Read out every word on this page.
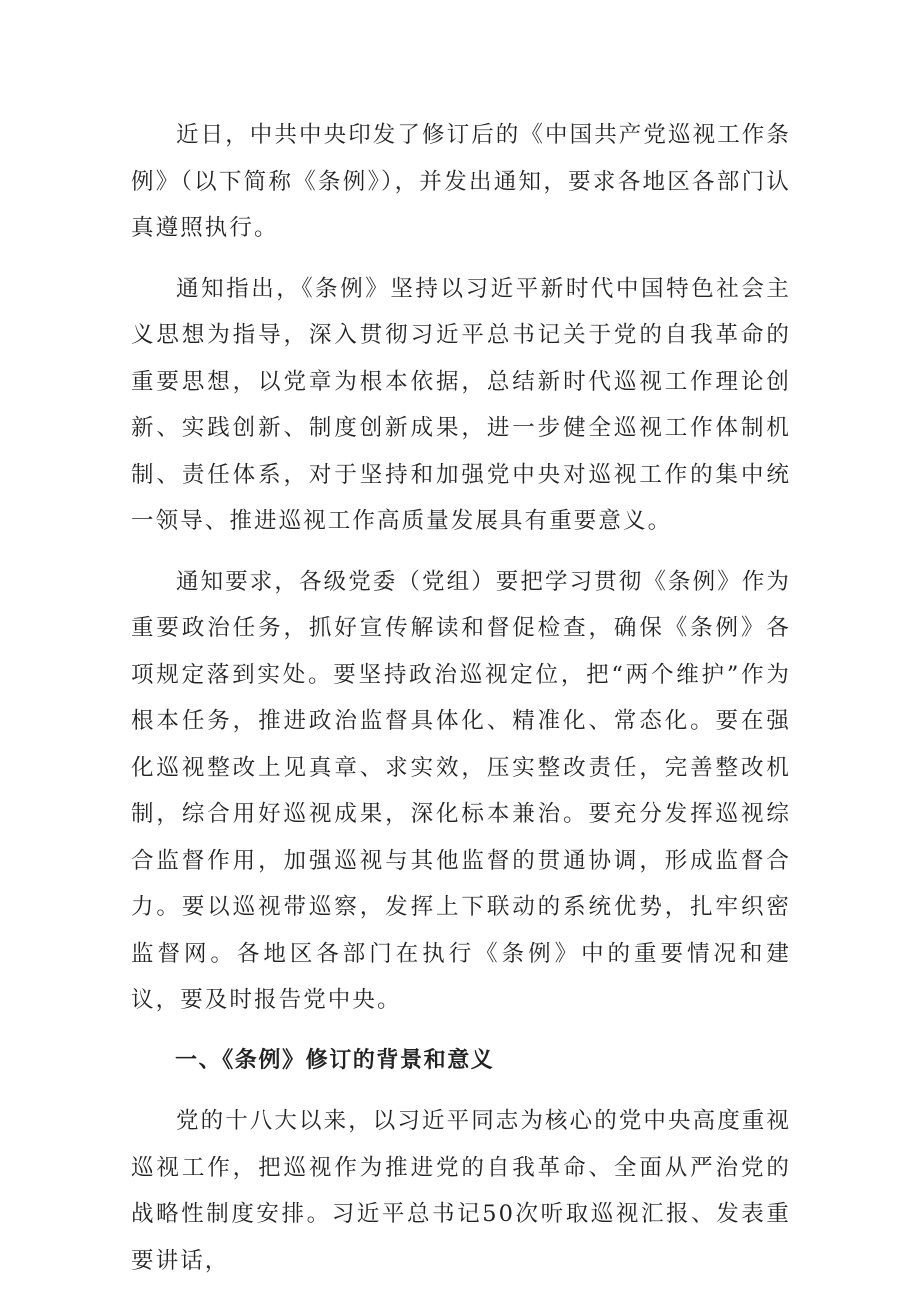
近日，中共中央印发了修订后的《中国共产党巡视工作条例》（以下简称《条例》），并发出通知，要求各地区各部门认真遵照执行。

通知指出，《条例》坚持以习近平新时代中国特色社会主义思想为指导，深入贯彻习近平总书记关于党的自我革命的重要思想，以党章为根本依据，总结新时代巡视工作理论创新、实践创新、制度创新成果，进一步健全巡视工作体制机制、责任体系，对于坚持和加强党中央对巡视工作的集中统一领导、推进巡视工作高质量发展具有重要意义。

通知要求，各级党委（党组）要把学习贯彻《条例》作为重要政治任务，抓好宣传解读和督促检查，确保《条例》各项规定落到实处。要坚持政治巡视定位，把“两个维护”作为根本任务，推进政治监督具体化、精准化、常态化。要在强化巡视整改上见真章、求实效，压实整改责任，完善整改机制，综合用好巡视成果，深化标本兼治。要充分发挥巡视综合监督作用，加强巡视与其他监督的贯通协调，形成监督合力。要以巡视带巡察，发挥上下联动的系统优势，扎牢织密监督网。各地区各部门在执行《条例》中的重要情况和建议，要及时报告党中央。

一、《条例》修订的背景和意义

党的十八大以来，以习近平同志为核心的党中央高度重视巡视工作，把巡视作为推进党的自我革命、全面从严治党的战略性制度安排。习近平总书记50次听取巡视汇报、发表重要讲话，
